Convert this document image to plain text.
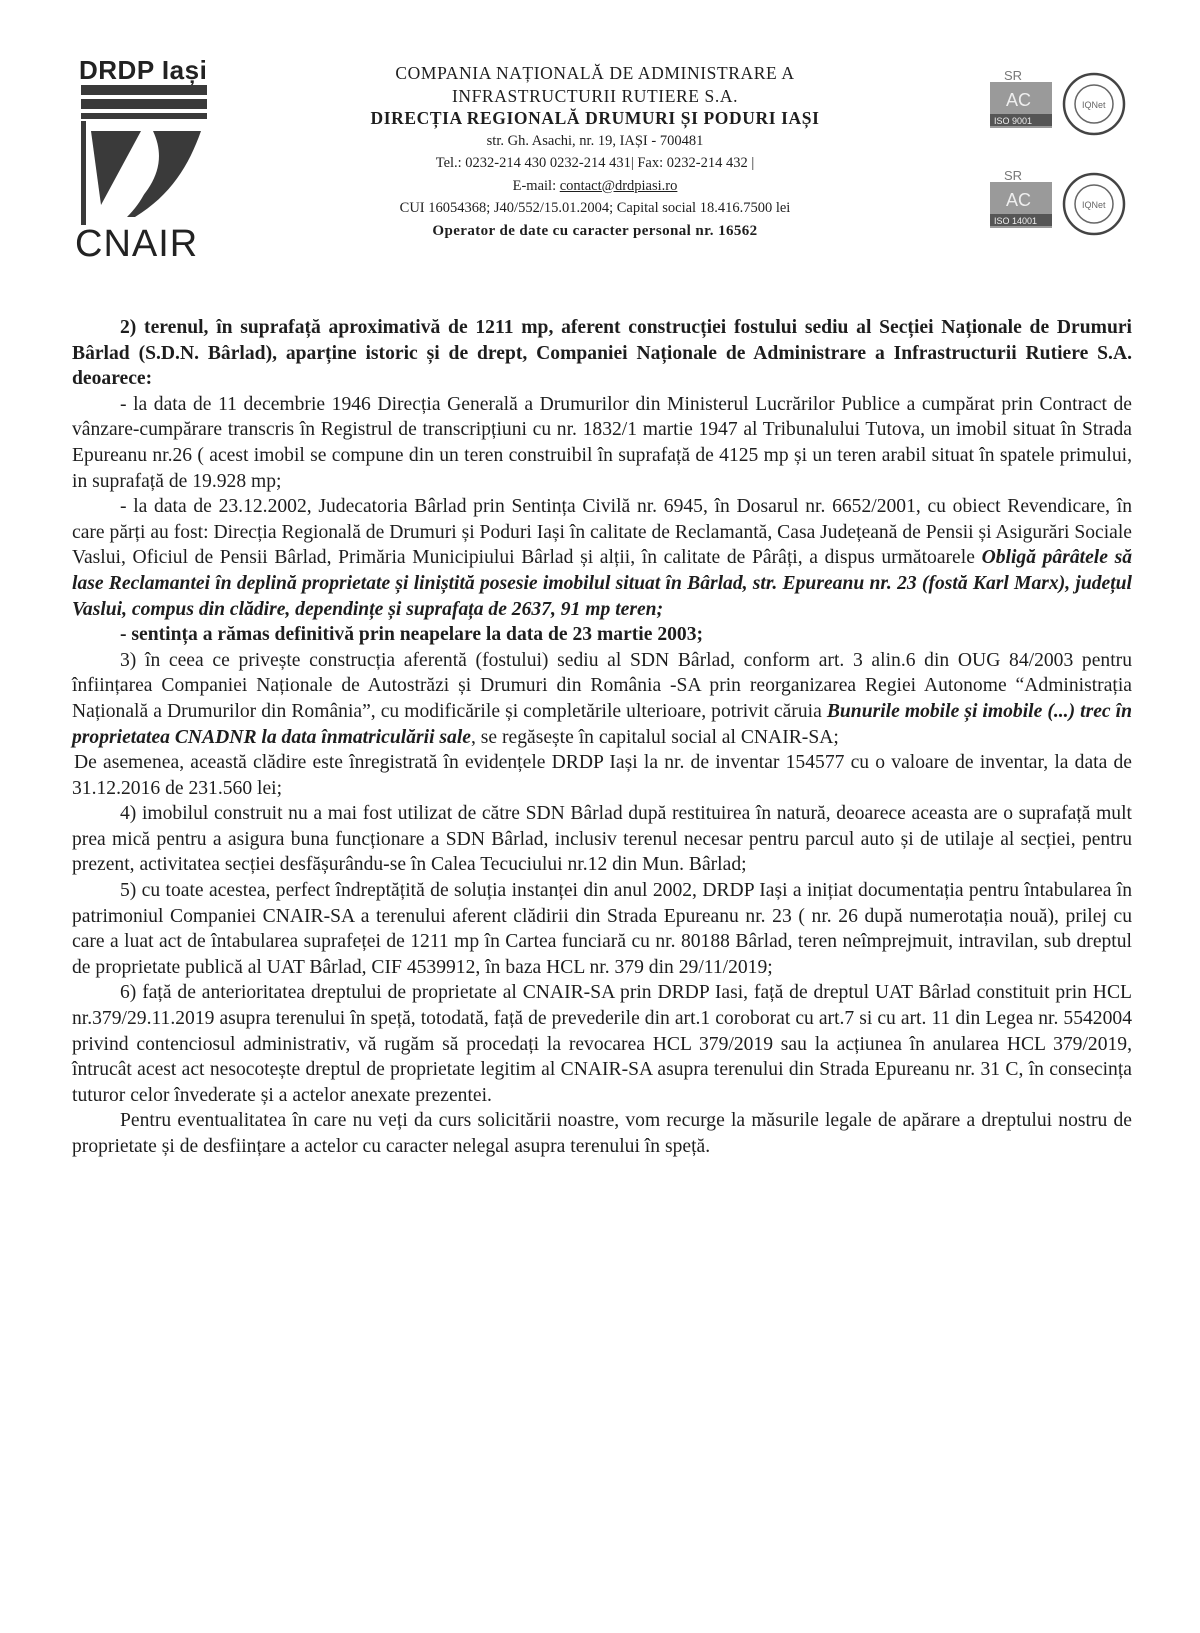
DRDP Iași
CNAIR
COMPANIA NAȚIONALĂ DE ADMINISTRARE A
INFRASTRUCTURII RUTIERE S.A.
DIRECȚIA REGIONALĂ DRUMURI ȘI PODURI IAȘI
str. Gh. Asachi, nr. 19, IAȘI - 700481
Tel.: 0232-214 430 0232-214 431| Fax: 0232-214 432 |
E-mail: contact@drdpiasi.ro
CUI 16054368; J40/552/15.01.2004; Capital social 18.416.7500 lei
Operator de date cu caracter personal nr. 16562
SR
AC
ISO 9001
IQNet
SR
AC
ISO 14001
IQNet

2) terenul, în suprafață aproximativă de 1211 mp, aferent construcției fostului sediu al Secției Naționale de Drumuri Bârlad (S.D.N. Bârlad), aparține istoric și de drept, Companiei Naționale de Administrare a Infrastructurii Rutiere S.A. deoarece:

- la data de 11 decembrie 1946 Direcția Generală a Drumurilor din Ministerul Lucrărilor Publice a cumpărat prin Contract de vânzare-cumpărare transcris în Registrul de transcripțiuni cu nr. 1832/1 martie 1947 al Tribunalului Tutova, un imobil situat în Strada Epureanu nr.26 ( acest imobil se compune din un teren construibil în suprafață de 4125 mp și un teren arabil situat în spatele primului, in suprafață de 19.928 mp;

- la data de 23.12.2002, Judecatoria Bârlad prin Sentința Civilă nr. 6945, în Dosarul nr. 6652/2001, cu obiect Revendicare, în care părți au fost: Direcția Regională de Drumuri și Poduri Iași în calitate de Reclamantă, Casa Județeană de Pensii și Asigurări Sociale Vaslui, Oficiul de Pensii Bârlad, Primăria Municipiului Bârlad și alții, în calitate de Pârâți, a dispus următoarele Obligă pârâtele să lase Reclamantei în deplină proprietate și liniștită posesie imobilul situat în Bârlad, str. Epureanu nr. 23 (fostă Karl Marx), județul Vaslui, compus din clădire, dependințe și suprafața de 2637, 91 mp teren;

- sentința a rămas definitivă prin neapelare la data de 23 martie 2003;

3) în ceea ce privește construcția aferentă (fostului) sediu al SDN Bârlad, conform art. 3 alin.6 din OUG 84/2003 pentru înființarea Companiei Naționale de Autostrăzi și Drumuri din România -SA prin reorganizarea Regiei Autonome “Administrația Națională a Drumurilor din România”, cu modificările și completările ulterioare, potrivit căruia Bunurile mobile și imobile (...) trec în proprietatea CNADNR la data înmatriculării sale, se regăsește în capitalul social al CNAIR-SA;

De asemenea, această clădire este înregistrată în evidențele DRDP Iași la nr. de inventar 154577 cu o valoare de inventar, la data de 31.12.2016 de 231.560 lei;

4) imobilul construit nu a mai fost utilizat de către SDN Bârlad după restituirea în natură, deoarece aceasta are o suprafață mult prea mică pentru a asigura buna funcționare a SDN Bârlad, inclusiv terenul necesar pentru parcul auto și de utilaje al secției, pentru prezent, activitatea secției desfășurându-se în Calea Tecuciului nr.12 din Mun. Bârlad;

5) cu toate acestea, perfect îndreptățită de soluția instanței din anul 2002, DRDP Iași a inițiat documentația pentru întabularea în patrimoniul Companiei CNAIR-SA a terenului aferent clădirii din Strada Epureanu nr. 23 ( nr. 26 după numerotația nouă), prilej cu care a luat act de întabularea suprafeței de 1211 mp în Cartea funciară cu nr. 80188 Bârlad, teren neîmprejmuit, intravilan, sub dreptul de proprietate publică al UAT Bârlad, CIF 4539912, în baza HCL nr. 379 din 29/11/2019;

6) față de anterioritatea dreptului de proprietate al CNAIR-SA prin DRDP Iasi, față de dreptul UAT Bârlad constituit prin HCL nr.379/29.11.2019 asupra terenului în speță, totodată, față de prevederile din art.1 coroborat cu art.7 si cu art. 11 din Legea nr. 5542004 privind contenciosul administrativ, vă rugăm să procedați la revocarea HCL 379/2019 sau la acțiunea în anularea HCL 379/2019, întrucât acest act nesocotește dreptul de proprietate legitim al CNAIR-SA asupra terenului din Strada Epureanu nr. 31 C, în consecința tuturor celor învederate și a actelor anexate prezentei.

Pentru eventualitatea în care nu veți da curs solicitării noastre, vom recurge la măsurile legale de apărare a dreptului nostru de proprietate și de desființare a actelor cu caracter nelegal asupra terenului în speță.
